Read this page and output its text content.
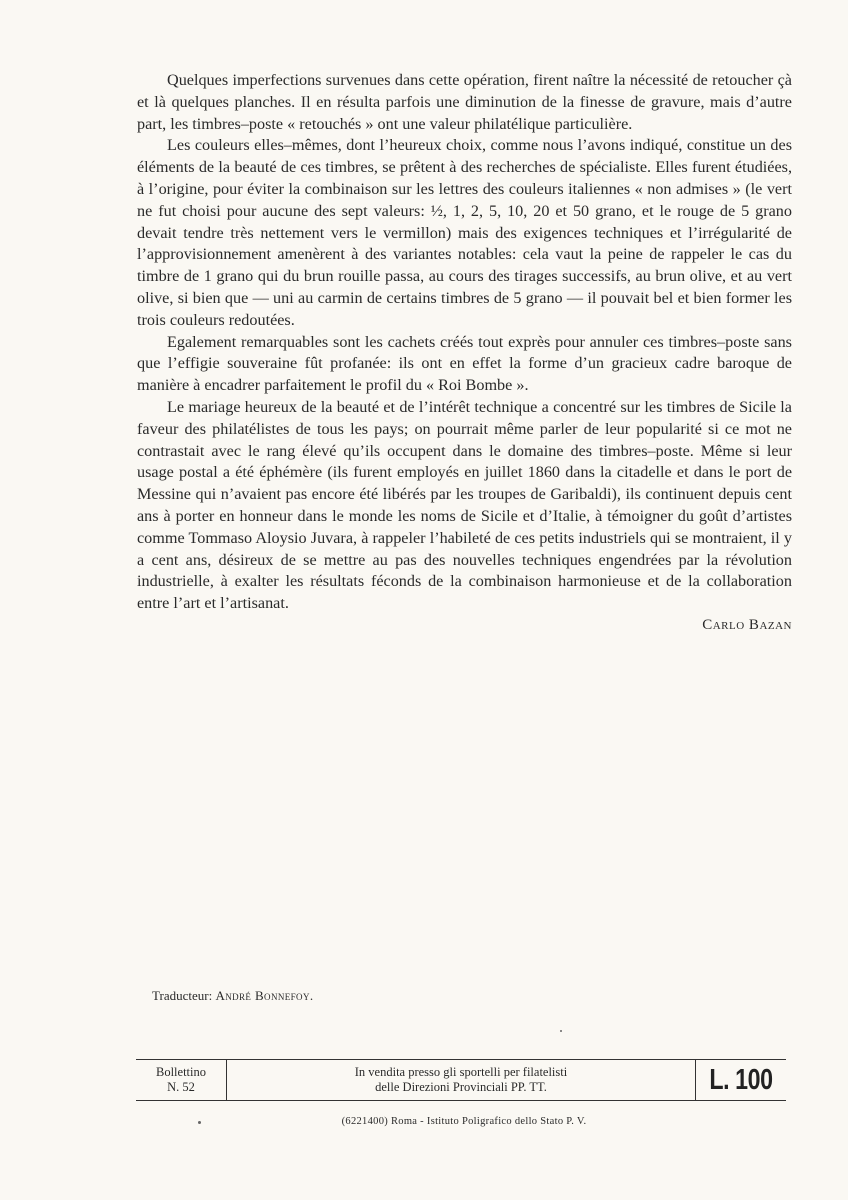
Quelques imperfections survenues dans cette opération, firent naître la nécessité de retoucher çà et là quelques planches. Il en résulta parfois une diminution de la finesse de gravure, mais d’autre part, les timbres–poste « retouchés » ont une valeur philatélique particulière.

Les couleurs elles–mêmes, dont l’heureux choix, comme nous l’avons indiqué, constitue un des éléments de la beauté de ces timbres, se prêtent à des recherches de spécialiste. Elles furent étudiées, à l’origine, pour éviter la combinaison sur les lettres des couleurs italiennes « non admises » (le vert ne fut choisi pour aucune des sept valeurs: ½, 1, 2, 5, 10, 20 et 50 grano, et le rouge de 5 grano devait tendre très nettement vers le vermillon) mais des exigences techniques et l’irrégularité de l’approvisionnement amenèrent à des variantes notables: cela vaut la peine de rappeler le cas du timbre de 1 grano qui du brun rouille passa, au cours des tirages successifs, au brun olive, et au vert olive, si bien que — uni au carmin de certains timbres de 5 grano — il pouvait bel et bien former les trois couleurs redoutées.

Egalement remarquables sont les cachets créés tout exprès pour annuler ces timbres–poste sans que l’effigie souveraine fût profanée: ils ont en effet la forme d’un gracieux cadre baroque de manière à encadrer parfaitement le profil du « Roi Bombe ».

Le mariage heureux de la beauté et de l’intérêt technique a concentré sur les timbres de Sicile la faveur des philatélistes de tous les pays; on pourrait même parler de leur popularité si ce mot ne contrastait avec le rang élevé qu’ils occupent dans le domaine des timbres–poste. Même si leur usage postal a été éphémère (ils furent employés en juillet 1860 dans la citadelle et dans le port de Messine qui n’avaient pas encore été libérés par les troupes de Garibaldi), ils continuent depuis cent ans à porter en honneur dans le monde les noms de Sicile et d’Italie, à témoigner du goût d’artistes comme Tommaso Aloysio Juvara, à rappeler l’habileté de ces petits industriels qui se montraient, il y a cent ans, désireux de se mettre au pas des nouvelles techniques engendrées par la révolution industrielle, à exalter les résultats féconds de la combinaison harmonieuse et de la collaboration entre l’art et l’artisanat.

Carlo Bazan

Traducteur: André Bonnefoy.
Bollettino
N. 52
In vendita presso gli sportelli per filatelisti
delle Direzioni Provinciali PP. TT.	L. 100
(6221400) Roma - Istituto Poligrafico dello Stato P. V.
